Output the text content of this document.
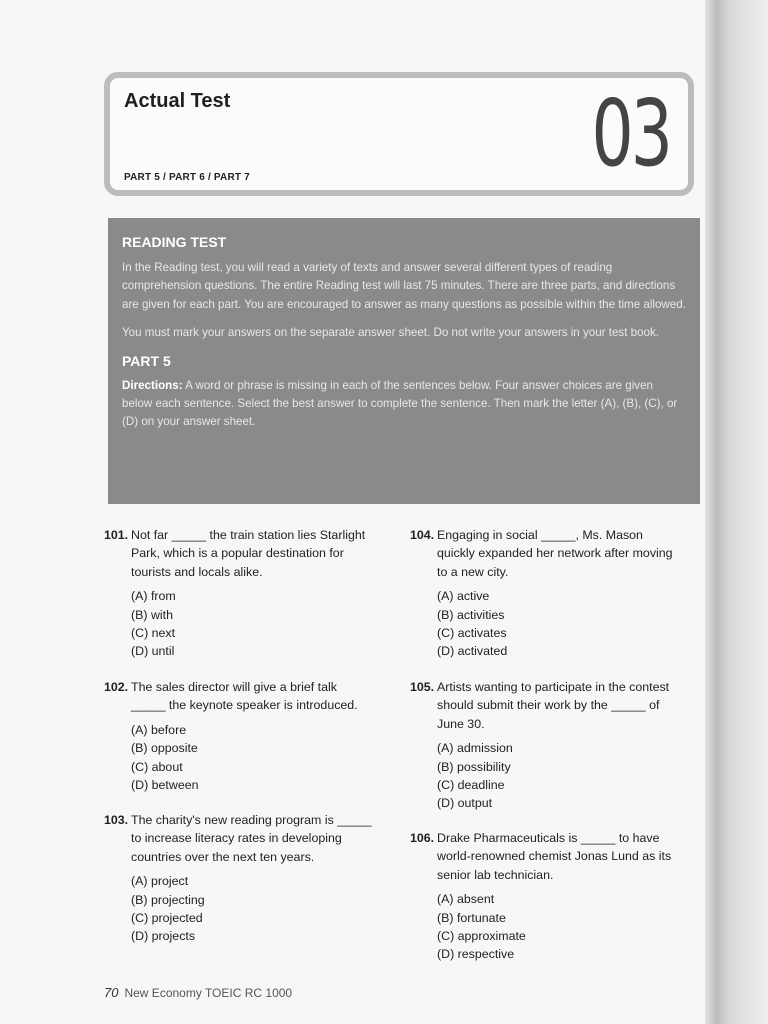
Actual Test
PART 5 / PART 6 / PART 7	03
READING TEST

In the Reading test, you will read a variety of texts and answer several different types of reading comprehension questions. The entire Reading test will last 75 minutes. There are three parts, and directions are given for each part. You are encouraged to answer as many questions as possible within the time allowed.

You must mark your answers on the separate answer sheet. Do not write your answers in your test book.

PART 5

Directions: A word or phrase is missing in each of the sentences below. Four answer choices are given below each sentence. Select the best answer to complete the sentence. Then mark the letter (A), (B), (C), or (D) on your answer sheet.

101. Not far _____ the train station lies Starlight Park, which is a popular destination for tourists and locals alike.
(A) from
(B) with
(C) next
(D) until
102. The sales director will give a brief talk _____ the keynote speaker is introduced.
(A) before
(B) opposite
(C) about
(D) between
103. The charity's new reading program is _____ to increase literacy rates in developing countries over the next ten years.
(A) project
(B) projecting
(C) projected
(D) projects
104. Engaging in social _____, Ms. Mason quickly expanded her network after moving to a new city.
(A) active
(B) activities
(C) activates
(D) activated
105. Artists wanting to participate in the contest should submit their work by the _____ of June 30.
(A) admission
(B) possibility
(C) deadline
(D) output
106. Drake Pharmaceuticals is _____ to have world-renowned chemist Jonas Lund as its senior lab technician.
(A) absent
(B) fortunate
(C) approximate
(D) respective
70 New Economy TOEIC RC 1000
